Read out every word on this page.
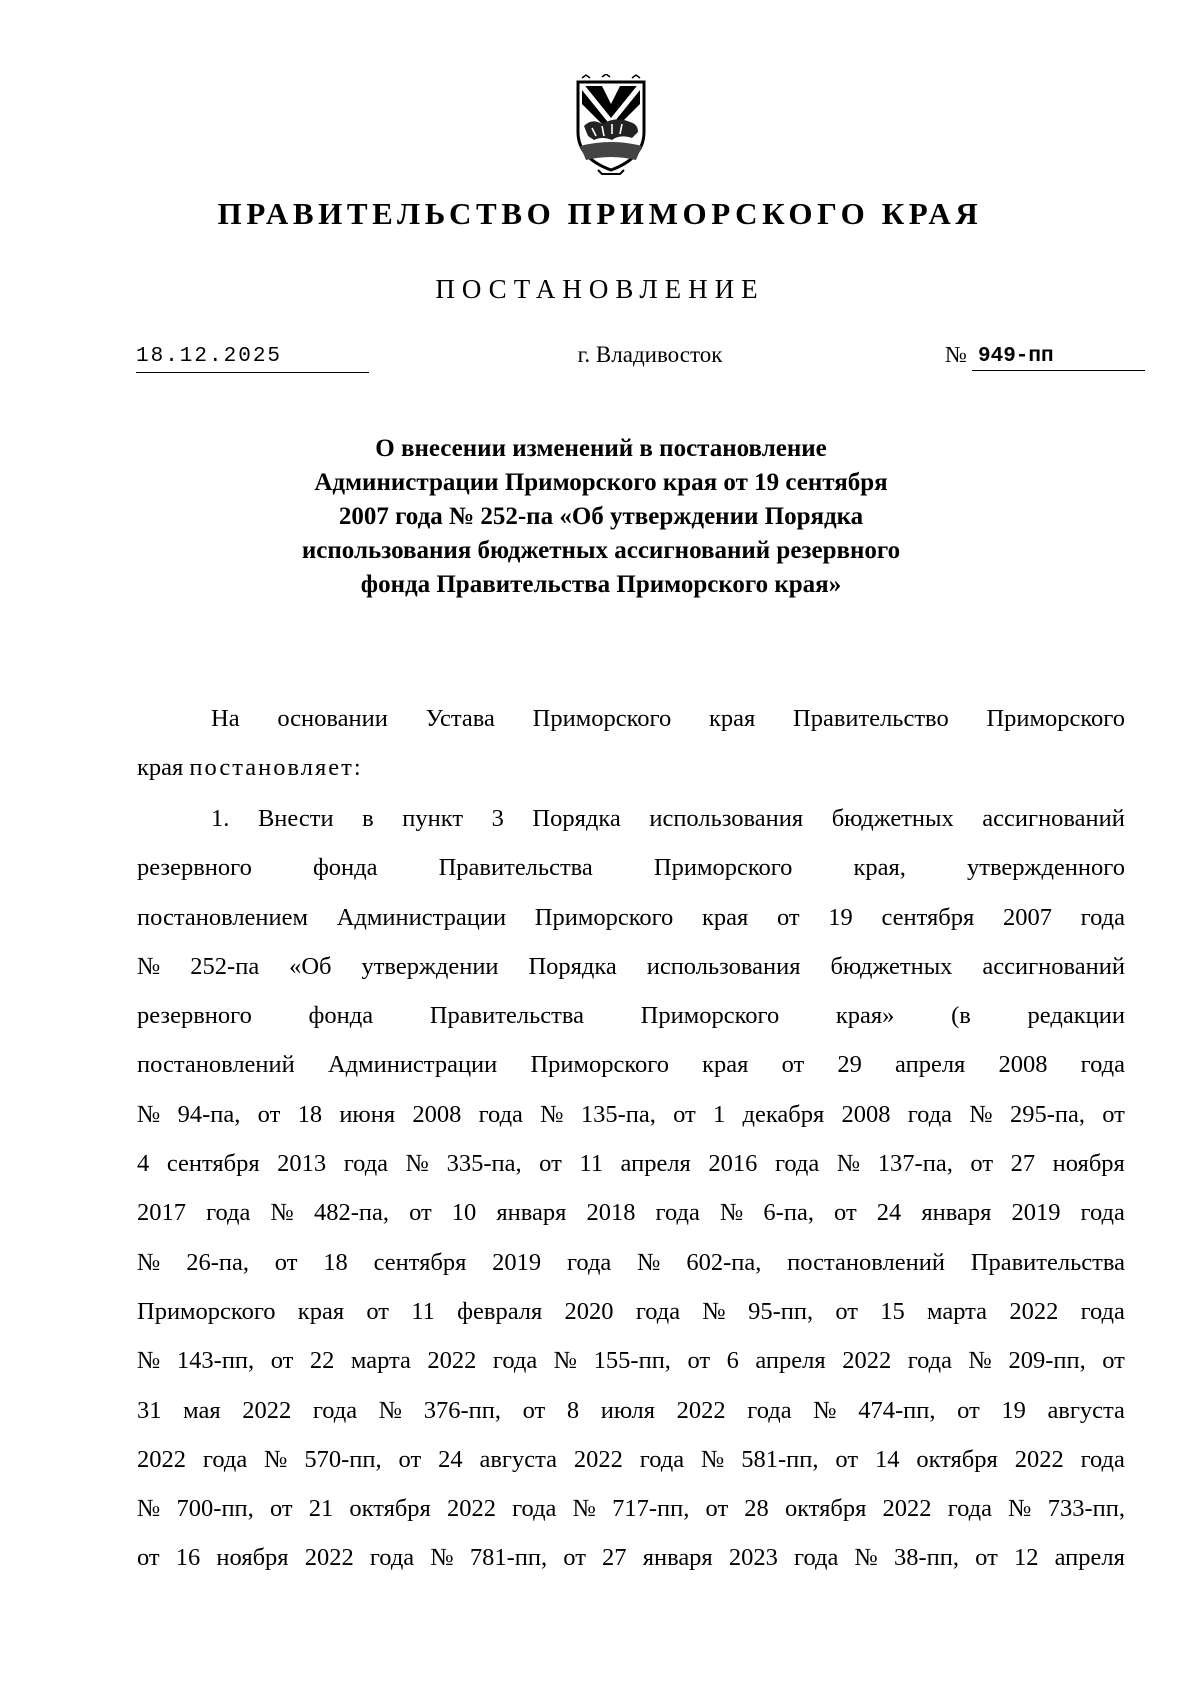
ПРАВИТЕЛЬСТВО ПРИМОРСКОГО КРАЯ
ПОСТАНОВЛЕНИЕ
18.12.2025	г. Владивосток	№ 949-пп
О внесении изменений в постановление
Администрации Приморского края от 19 сентября
2007 года № 252-па «Об утверждении Порядка
использования бюджетных ассигнований резервного
фонда Правительства Приморского края»
На основании Устава Приморского края Правительство Приморского
края постановляет:
1. Внести в пункт 3 Порядка использования бюджетных ассигнований
резервного фонда Правительства Приморского края, утвержденного
постановлением Администрации Приморского края от 19 сентября 2007 года
№ 252-па «Об утверждении Порядка использования бюджетных ассигнований
резервного фонда Правительства Приморского края» (в редакции
постановлений Администрации Приморского края от 29 апреля 2008 года
№ 94-па, от 18 июня 2008 года № 135-па, от 1 декабря 2008 года № 295-па, от
4 сентября 2013 года № 335-па, от 11 апреля 2016 года № 137-па, от 27 ноября
2017 года № 482-па, от 10 января 2018 года № 6-па, от 24 января 2019 года
№ 26-па, от 18 сентября 2019 года № 602-па, постановлений Правительства
Приморского края от 11 февраля 2020 года № 95-пп, от 15 марта 2022 года
№ 143-пп, от 22 марта 2022 года № 155-пп, от 6 апреля 2022 года № 209-пп, от
31 мая 2022 года № 376-пп, от 8 июля 2022 года № 474-пп, от 19 августа
2022 года № 570-пп, от 24 августа 2022 года № 581-пп, от 14 октября 2022 года
№ 700-пп, от 21 октября 2022 года № 717-пп, от 28 октября 2022 года № 733-пп,
от 16 ноября 2022 года № 781-пп, от 27 января 2023 года № 38-пп, от 12 апреля
